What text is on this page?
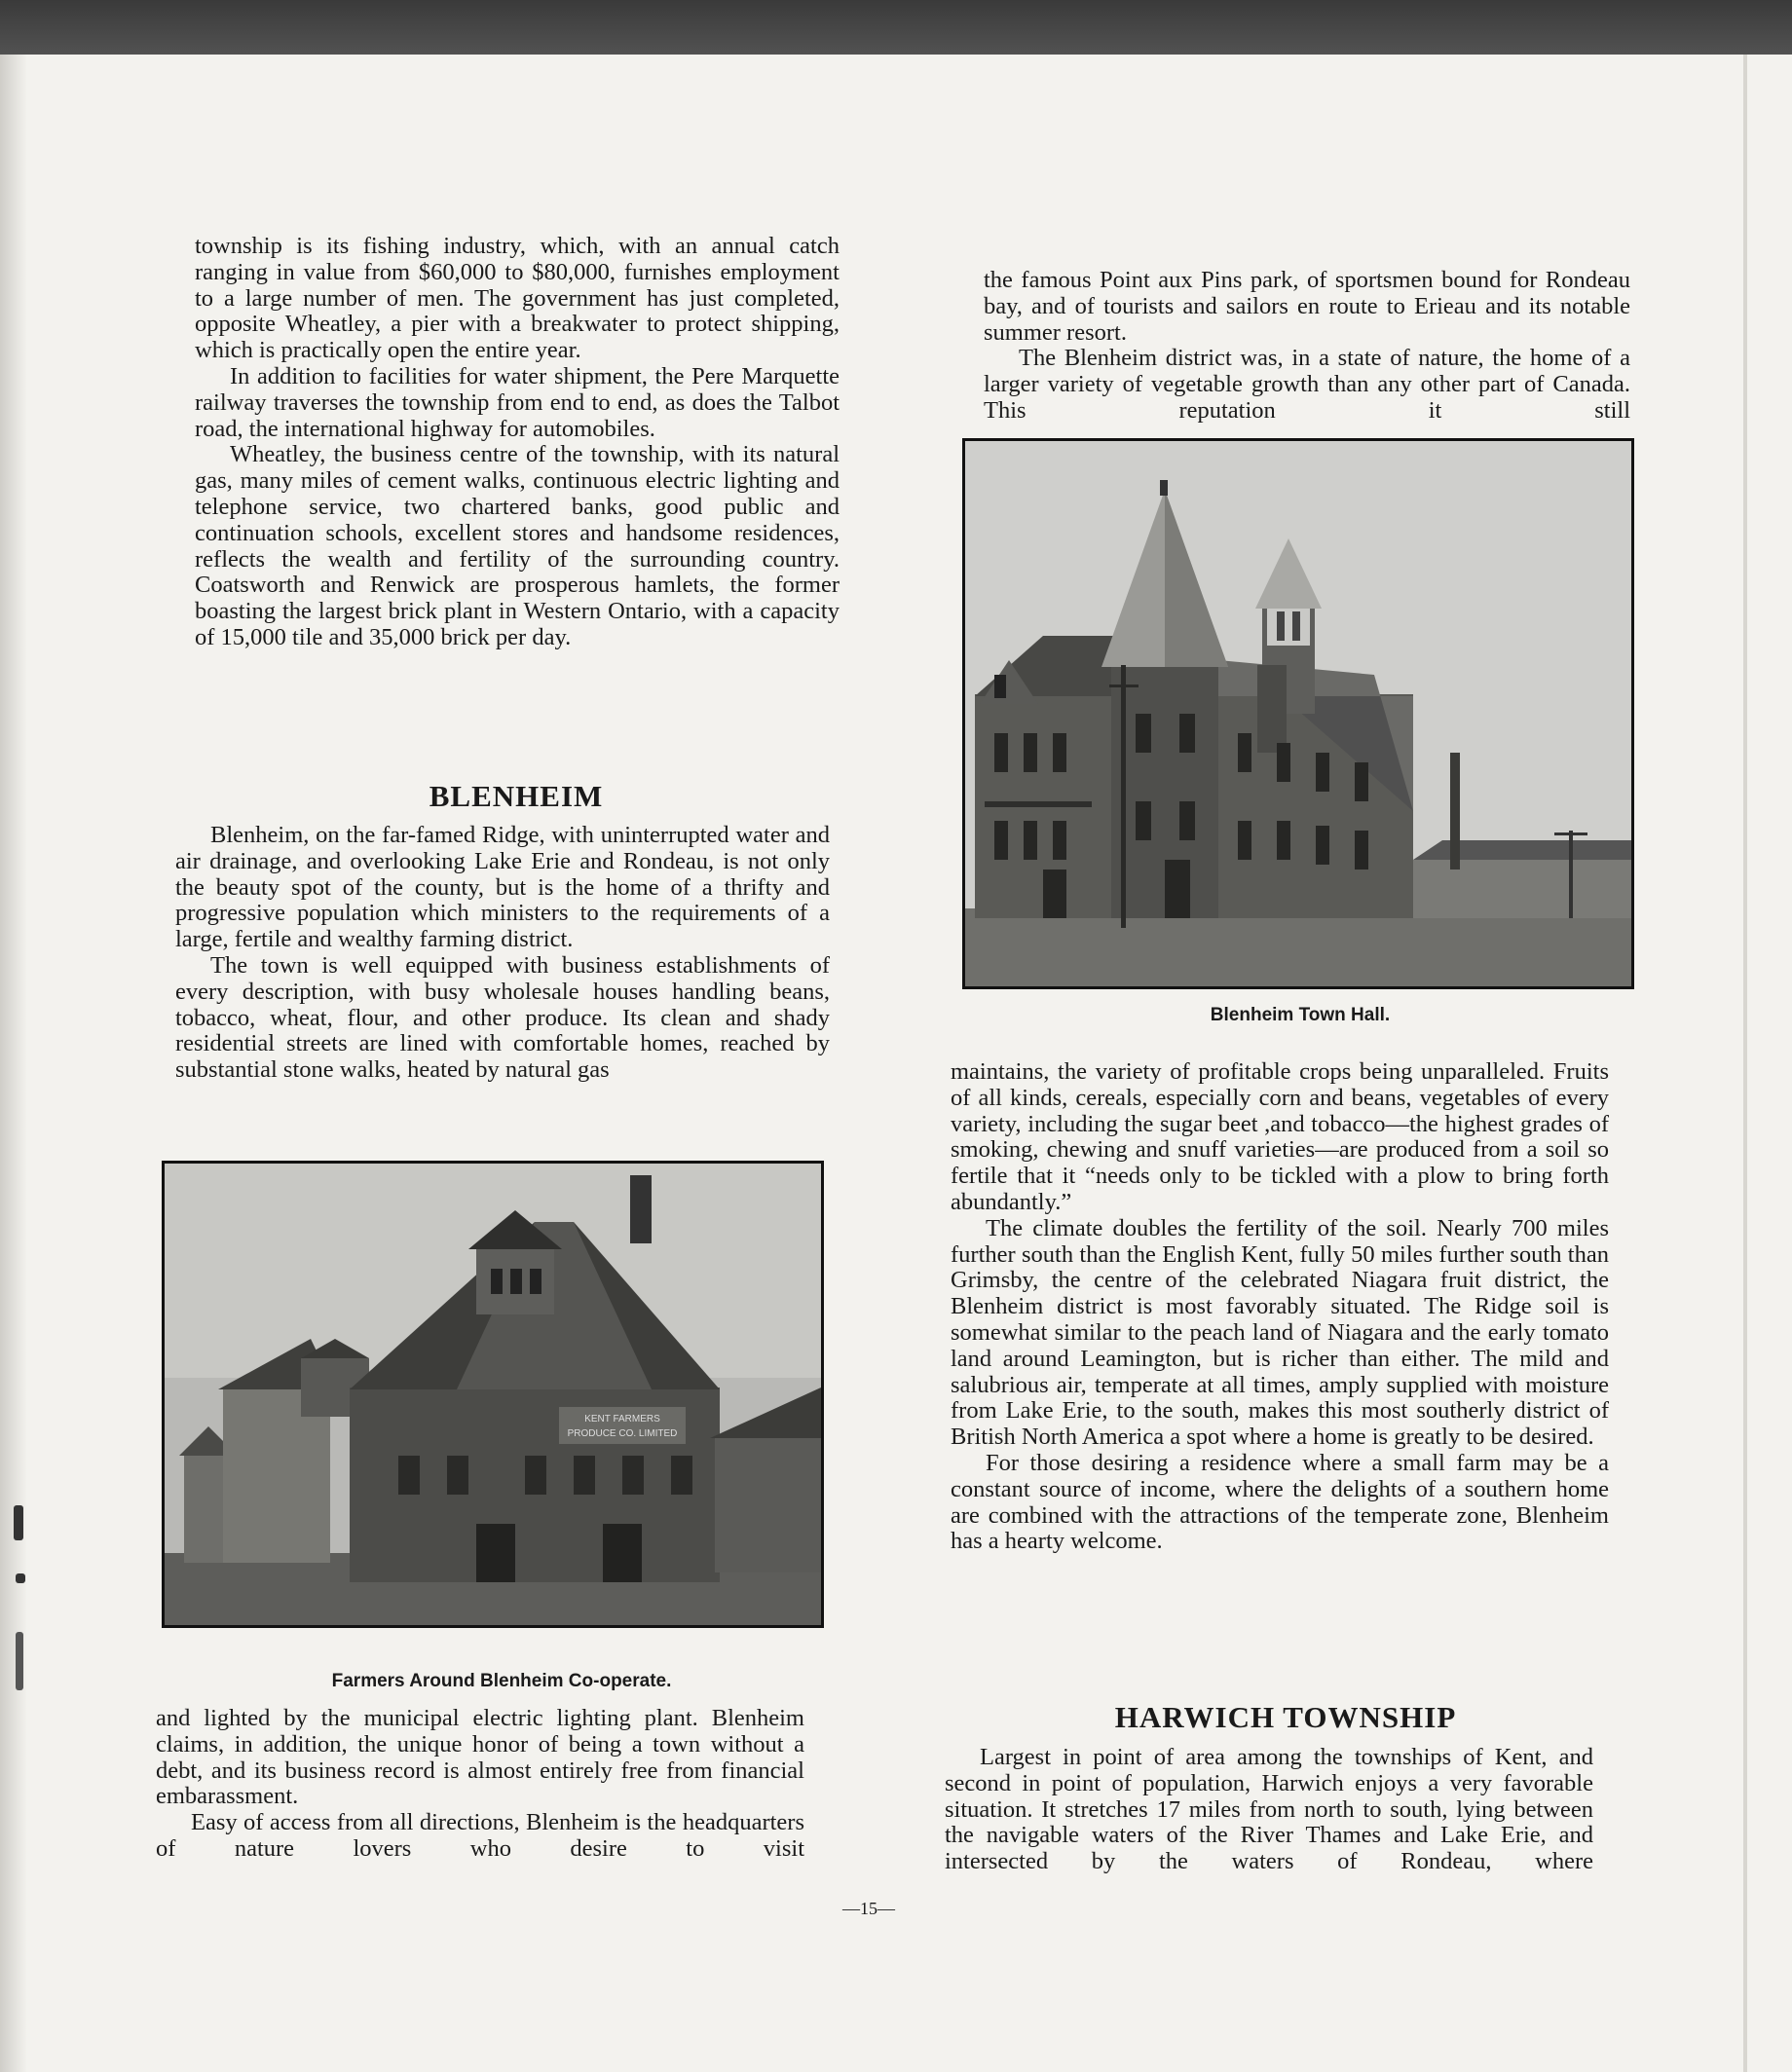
township is its fishing industry, which, with an annual catch ranging in value from $60,000 to $80,000, furnishes employment to a large number of men. The government has just completed, opposite Wheatley, a pier with a breakwater to protect shipping, which is practically open the entire year.

In addition to facilities for water shipment, the Pere Marquette railway traverses the township from end to end, as does the Talbot road, the international highway for automobiles.

Wheatley, the business centre of the township, with its natural gas, many miles of cement walks, continuous electric lighting and telephone service, two chartered banks, good public and continuation schools, excellent stores and handsome residences, reflects the wealth and fertility of the surrounding country. Coatsworth and Renwick are prosperous hamlets, the former boasting the largest brick plant in Western Ontario, with a capacity of 15,000 tile and 35,000 brick per day.

BLENHEIM

Blenheim, on the far-famed Ridge, with uninterrupted water and air drainage, and overlooking Lake Erie and Rondeau, is not only the beauty spot of the county, but is the home of a thrifty and progressive population which ministers to the requirements of a large, fertile and wealthy farming district.

The town is well equipped with business establishments of every description, with busy wholesale houses handling beans, tobacco, wheat, flour, and other produce. Its clean and shady residential streets are lined with comfortable homes, reached by substantial stone walks, heated by natural gas

KENT FARMERS
PRODUCE CO. LIMITED
Farmers Around Blenheim Co-operate.

and lighted by the municipal electric lighting plant. Blenheim claims, in addition, the unique honor of being a town without a debt, and its business record is almost entirely free from financial embarassment.

Easy of access from all directions, Blenheim is the headquarters of nature lovers who desire to visit

the famous Point aux Pins park, of sportsmen bound for Rondeau bay, and of tourists and sailors en route to Erieau and its notable summer resort.

The Blenheim district was, in a state of nature, the home of a larger variety of vegetable growth than any other part of Canada. This reputation it still

Blenheim Town Hall.

maintains, the variety of profitable crops being unparalleled. Fruits of all kinds, cereals, especially corn and beans, vegetables of every variety, including the sugar beet ,and tobacco—the highest grades of smoking, chewing and snuff varieties—are produced from a soil so fertile that it “needs only to be tickled with a plow to bring forth abundantly.”

The climate doubles the fertility of the soil. Nearly 700 miles further south than the English Kent, fully 50 miles further south than Grimsby, the centre of the celebrated Niagara fruit district, the Blenheim district is most favorably situated. The Ridge soil is somewhat similar to the peach land of Niagara and the early tomato land around Leamington, but is richer than either. The mild and salubrious air, temperate at all times, amply supplied with moisture from Lake Erie, to the south, makes this most southerly district of British North America a spot where a home is greatly to be desired.

For those desiring a residence where a small farm may be a constant source of income, where the delights of a southern home are combined with the attractions of the temperate zone, Blenheim has a hearty welcome.

HARWICH TOWNSHIP

Largest in point of area among the townships of Kent, and second in point of population, Harwich enjoys a very favorable situation. It stretches 17 miles from north to south, lying between the navigable waters of the River Thames and Lake Erie, and intersected by the waters of Rondeau, where

—15—
